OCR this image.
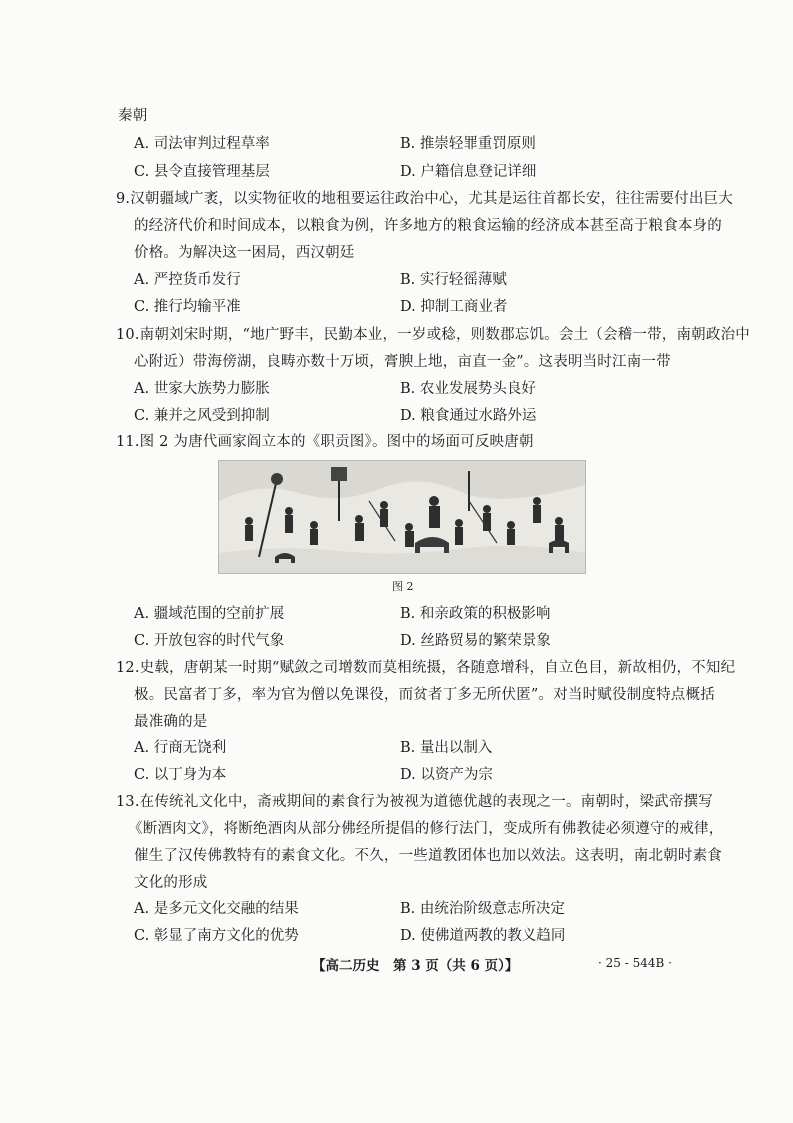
秦朝
A. 司法审判过程草率	B. 推崇轻罪重罚原则
C. 县令直接管理基层	D. 户籍信息登记详细
9.汉朝疆域广袤，以实物征收的地租要运往政治中心，尤其是运往首都长安，往往需要付出巨大
的经济代价和时间成本，以粮食为例，许多地方的粮食运输的经济成本甚至高于粮食本身的
价格。为解决这一困局，西汉朝廷
A. 严控货币发行	B. 实行轻徭薄赋
C. 推行均输平准	D. 抑制工商业者
10.南朝刘宋时期，“地广野丰，民勤本业，一岁或稔，则数郡忘饥。会土（会稽一带，南朝政治中
心附近）带海傍湖，良畴亦数十万顷，膏腴上地，亩直一金”。这表明当时江南一带
A. 世家大族势力膨胀	B. 农业发展势头良好
C. 兼并之风受到抑制	D. 粮食通过水路外运
11.图 2 为唐代画家阎立本的《职贡图》。图中的场面可反映唐朝
图 2
A. 疆域范围的空前扩展	B. 和亲政策的积极影响
C. 开放包容的时代气象	D. 丝路贸易的繁荣景象
12.史载，唐朝某一时期“赋敛之司增数而莫相统摄，各随意增科，自立色目，新故相仍，不知纪
极。民富者丁多，率为官为僧以免课役，而贫者丁多无所伏匿”。对当时赋役制度特点概括
最准确的是
A. 行商无饶利	B. 量出以制入
C. 以丁身为本	D. 以资产为宗
13.在传统礼文化中，斋戒期间的素食行为被视为道德优越的表现之一。南朝时，梁武帝撰写
《断酒肉文》，将断绝酒肉从部分佛经所提倡的修行法门，变成所有佛教徒必须遵守的戒律，
催生了汉传佛教特有的素食文化。不久，一些道教团体也加以效法。这表明，南北朝时素食
文化的形成
A. 是多元文化交融的结果	B. 由统治阶级意志所决定
C. 彰显了南方文化的优势	D. 使佛道两教的教义趋同
【高二历史　第 3 页（共 6 页）】	· 25 - 544B ·
